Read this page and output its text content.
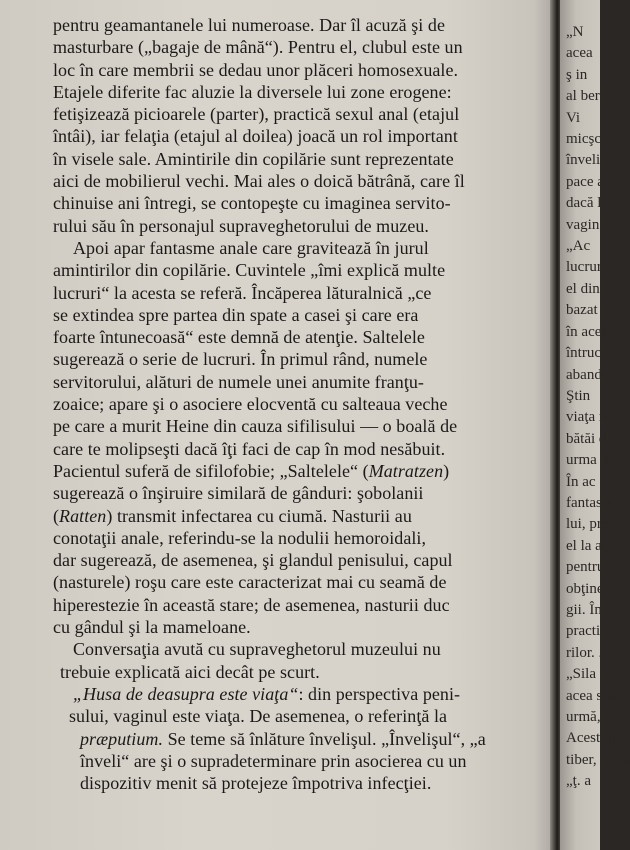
pentru geamantanele lui numeroase. Dar îl acuză şi de
masturbare („bagaje de mână“). Pentru el, clubul este un
loc în care membrii se dedau unor plăceri homosexuale.
Etajele diferite fac aluzie la diversele lui zone erogene:
fetişizează picioarele (parter), practică sexul anal (etajul
întâi), iar felaţia (etajul al doilea) joacă un rol important
în visele sale. Amintirile din copilărie sunt reprezentate
aici de mobilierul vechi. Mai ales o doică bătrână, care îl
chinuise ani întregi, se contopeşte cu imaginea servito-
rului său în personajul supraveghetorului de muzeu.
Apoi apar fantasme anale care gravitează în jurul
amintirilor din copilărie. Cuvintele „îmi explică multe
lucruri“ la acesta se referă. Încăperea lăturalnică „ce
se extindea spre partea din spate a casei şi care era
foarte întunecoasă“ este demnă de atenţie. Saltelele
sugerează o serie de lucruri. În primul rând, numele
servitorului, alături de numele unei anumite franţu-
zoaice; apare şi o asociere elocventă cu salteaua veche
pe care a murit Heine din cauza sifilisului — o boală de
care te molipseşti dacă îţi faci de cap în mod nesăbuit.
Pacientul suferă de sifilofobie; „Saltelele“ (Matratzen)
sugerează o înşiruire similară de gânduri: şobolanii
(Ratten) transmit infectarea cu ciumă. Nasturii au
conotaţii anale, referindu-se la nodulii hemoroidali,
dar sugerează, de asemenea, şi glandul penisului, capul
(nasturele) roşu care este caracterizat mai cu seamă de
hiperestezie în această stare; de asemenea, nasturii duc
cu gândul şi la mameloane.
Conversaţia avută cu supraveghetorul muzeului nu
trebuie explicată aici decât pe scurt.
„Husa de deasupra este viaţa“: din perspectiva peni-
sului, vaginul este viaţa. De asemenea, o referinţă la
præputium. Se teme să înlăture învelişul. „Învelişul“, „a
înveli“ are şi o supradeterminare prin asocierea cu un
dispozitiv menit să protejeze împotriva infecţiei.
„N
acea
ş in
al ber
Vi
micşc
înveli
pace a
dacă l
vagin,
„Ac
lucrur
el din pe
bazat
în aces
întruca
abando
Ştin
viaţa n
bătăi d
urma o
În ac
fantasm
lui, pre
el la ac
pentru c
obţine d
gii. În v
practica
rilor. ..
„Sila
acea star
urmă, co
Acest tip
tiber, fanta
„ţ. a
